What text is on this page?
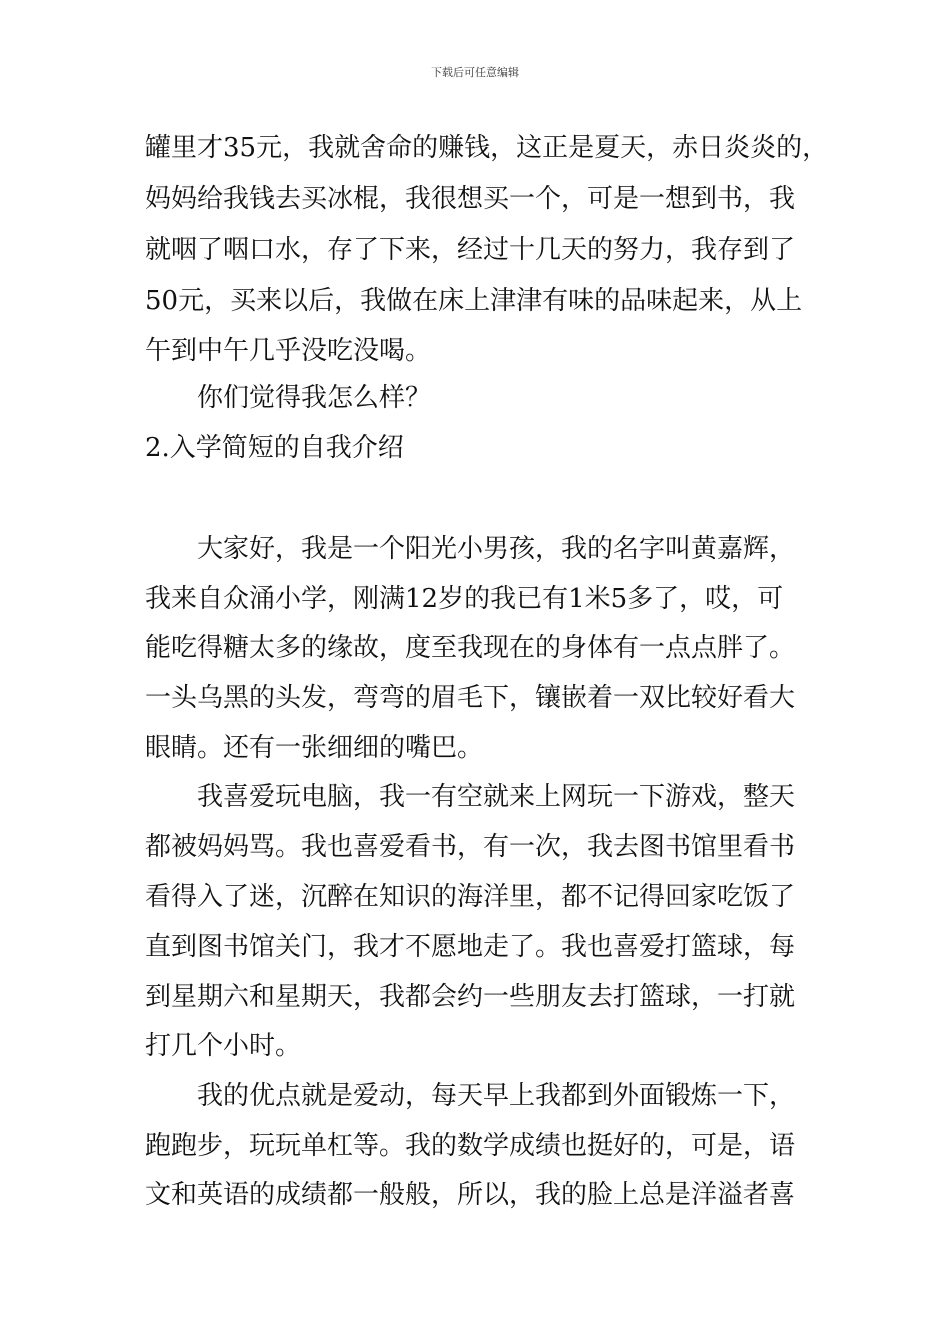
下载后可任意编辑
罐里才35元，我就舍命的赚钱，这正是夏天，赤日炎炎的，
妈妈给我钱去买冰棍，我很想买一个，可是一想到书，我
就咽了咽口水，存了下来，经过十几天的努力，我存到了
50元，买来以后，我做在床上津津有味的品味起来，从上
午到中午几乎没吃没喝。
你们觉得我怎么样？
2.入学简短的自我介绍
大家好，我是一个阳光小男孩，我的名字叫黄嘉辉，
我来自众涌小学，刚满12岁的我已有1米5多了，哎，可
能吃得糖太多的缘故，度至我现在的身体有一点点胖了。
一头乌黑的头发，弯弯的眉毛下，镶嵌着一双比较好看大
眼睛。还有一张细细的嘴巴。
我喜爱玩电脑，我一有空就来上网玩一下游戏，整天
都被妈妈骂。我也喜爱看书，有一次，我去图书馆里看书
看得入了迷，沉醉在知识的海洋里，都不记得回家吃饭了
直到图书馆关门，我才不愿地走了。我也喜爱打篮球，每
到星期六和星期天，我都会约一些朋友去打篮球，一打就
打几个小时。
我的优点就是爱动，每天早上我都到外面锻炼一下，
跑跑步，玩玩单杠等。我的数学成绩也挺好的，可是，语
文和英语的成绩都一般般，所以，我的脸上总是洋溢者喜
